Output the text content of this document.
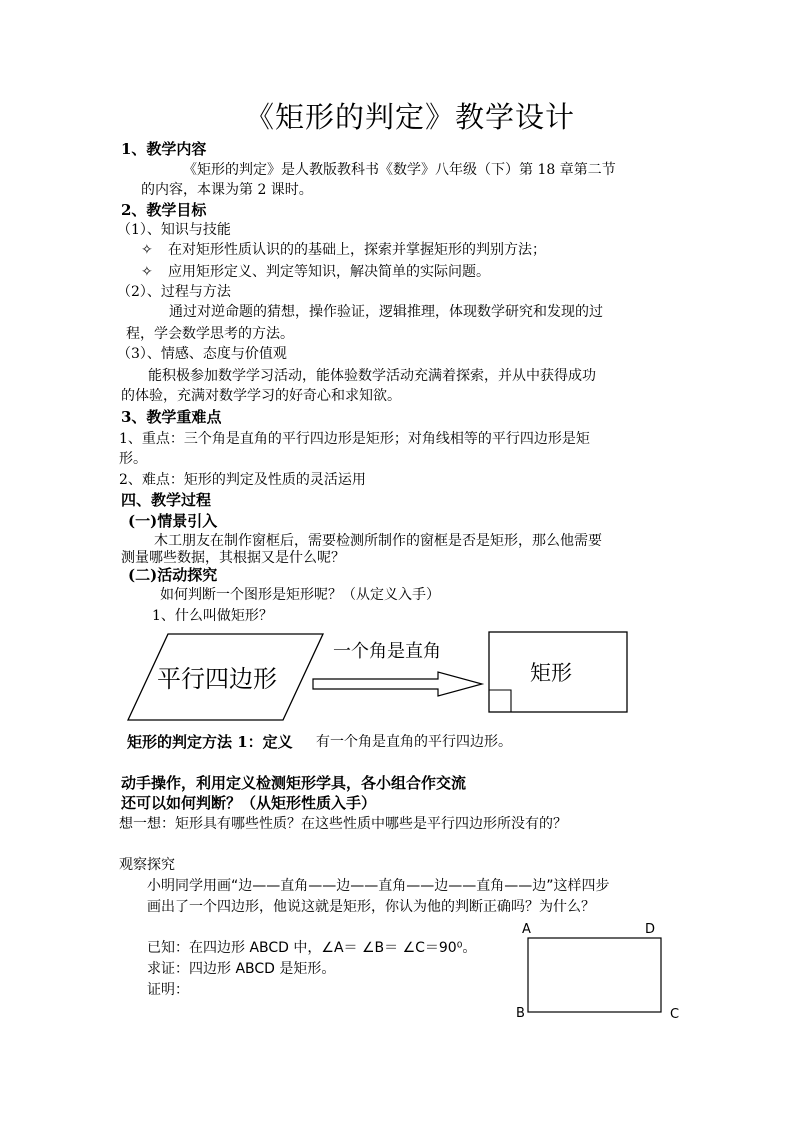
《矩形的判定》教学设计
1、教学内容
《矩形的判定》是人教版教科书《数学》八年级（下）第 18 章第二节
的内容，本课为第 2 课时。
2、教学目标
（1）、知识与技能
✧ 在对矩形性质认识的的基础上，探索并掌握矩形的判别方法；
✧ 应用矩形定义、判定等知识，解决简单的实际问题。
（2）、过程与方法
通过对逆命题的猜想，操作验证，逻辑推理，体现数学研究和发现的过
程，学会数学思考的方法。
（3）、情感、态度与价值观
能积极参加数学学习活动，能体验数学活动充满着探索，并从中获得成功
的体验，充满对数学学习的好奇心和求知欲。
3、教学重难点
1、重点：三个角是直角的平行四边形是矩形；对角线相等的平行四边形是矩
形。
2、难点：矩形的判定及性质的灵活运用
四、教学过程
(一)情景引入
木工朋友在制作窗框后，需要检测所制作的窗框是否是矩形，那么他需要
测量哪些数据，其根据又是什么呢？
(二)活动探究
如何判断一个图形是矩形呢？（从定义入手）
1、什么叫做矩形？
平行四边形
一个角是直角
矩形
矩形的判定方法 1：定义 有一个角是直角的平行四边形。
动手操作，利用定义检测矩形学具，各小组合作交流
还可以如何判断？（从矩形性质入手）
想一想：矩形具有哪些性质？在这些性质中哪些是平行四边形所没有的？
观察探究
小明同学用画“边——直角——边——直角——边——直角——边”这样四步
画出了一个四边形，他说这就是矩形，你认为他的判断正确吗？为什么？
已知：在四边形 ABCD 中，∠A＝ ∠B＝ ∠C＝90⁰。
求证：四边形 ABCD 是矩形。
证明：
A	D
B	C
